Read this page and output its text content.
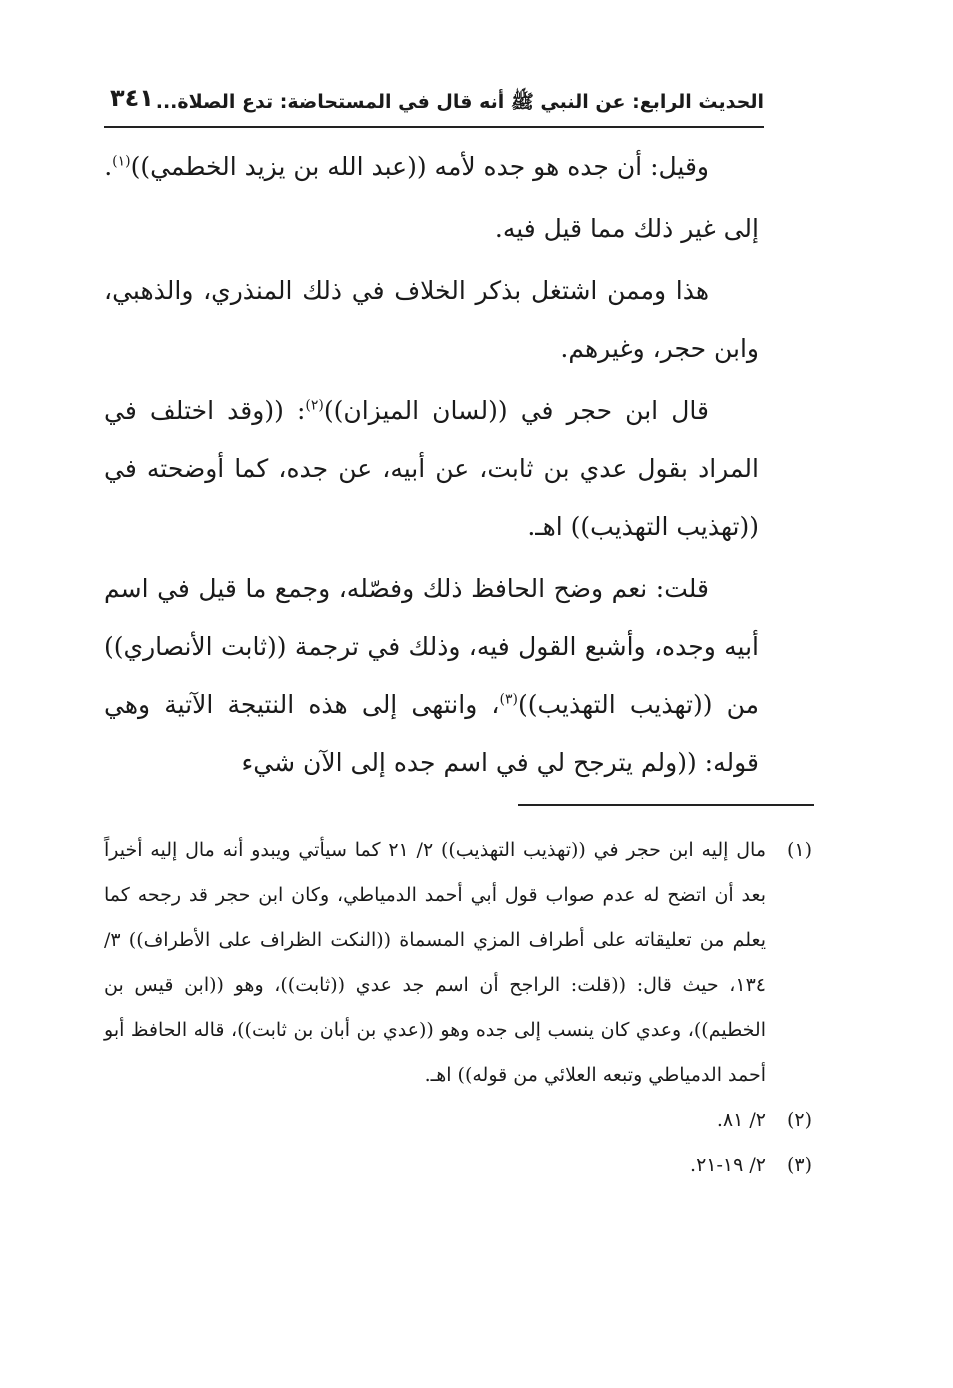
الحديث الرابع: عن النبي ﷺ أنه قال في المستحاضة: تدع الصلاة...
٣٤١

وقيل: أن جده هو جده لأمه ((عبد الله بن يزيد الخطمي))$^{(١)}$.

إلى غير ذلك مما قيل فيه.

هذا وممن اشتغل بذكر الخلاف في ذلك المنذري، والذهبي، وابن حجر، وغيرهم.

قال ابن حجر في ((لسان الميزان))$^{(٢)}$: ((وقد اختلف في المراد بقول عدي بن ثابت، عن أبيه، عن جده، كما أوضحته في ((تهذيب التهذيب)) اهـ.

قلت: نعم وضح الحافظ ذلك وفصّله، وجمع ما قيل في اسم أبيه وجده، وأشبع القول فيه، وذلك في ترجمة ((ثابت الأنصاري)) من ((تهذيب التهذيب))$^{(٣)}$، وانتهى إلى هذه النتيجة الآتية وهي قوله: ((ولم يترجح لي في اسم جده إلى الآن شيء

(١)
مال إليه ابن حجر في ((تهذيب التهذيب)) ٢/ ٢١ كما سيأتي ويبدو أنه مال إليه أخيراً بعد أن اتضح له عدم صواب قول أبي أحمد الدمياطي، وكان ابن حجر قد رجحه كما يعلم من تعليقاته على أطراف المزي المسماة ((النكت الظراف على الأطراف)) ٣/ ١٣٤، حيث قال: ((قلت: الراجح أن اسم جد عدي ((ثابت))، وهو ((ابن قيس بن الخطيم))، وعدي كان ينسب إلى جده وهو ((عدي بن أبان بن ثابت))، قاله الحافظ أبو أحمد الدمياطي وتبعه العلائي من قوله)) اهـ.
(٢)
٢/ ٨١.
(٣)
٢/ ١٩-٢١.
